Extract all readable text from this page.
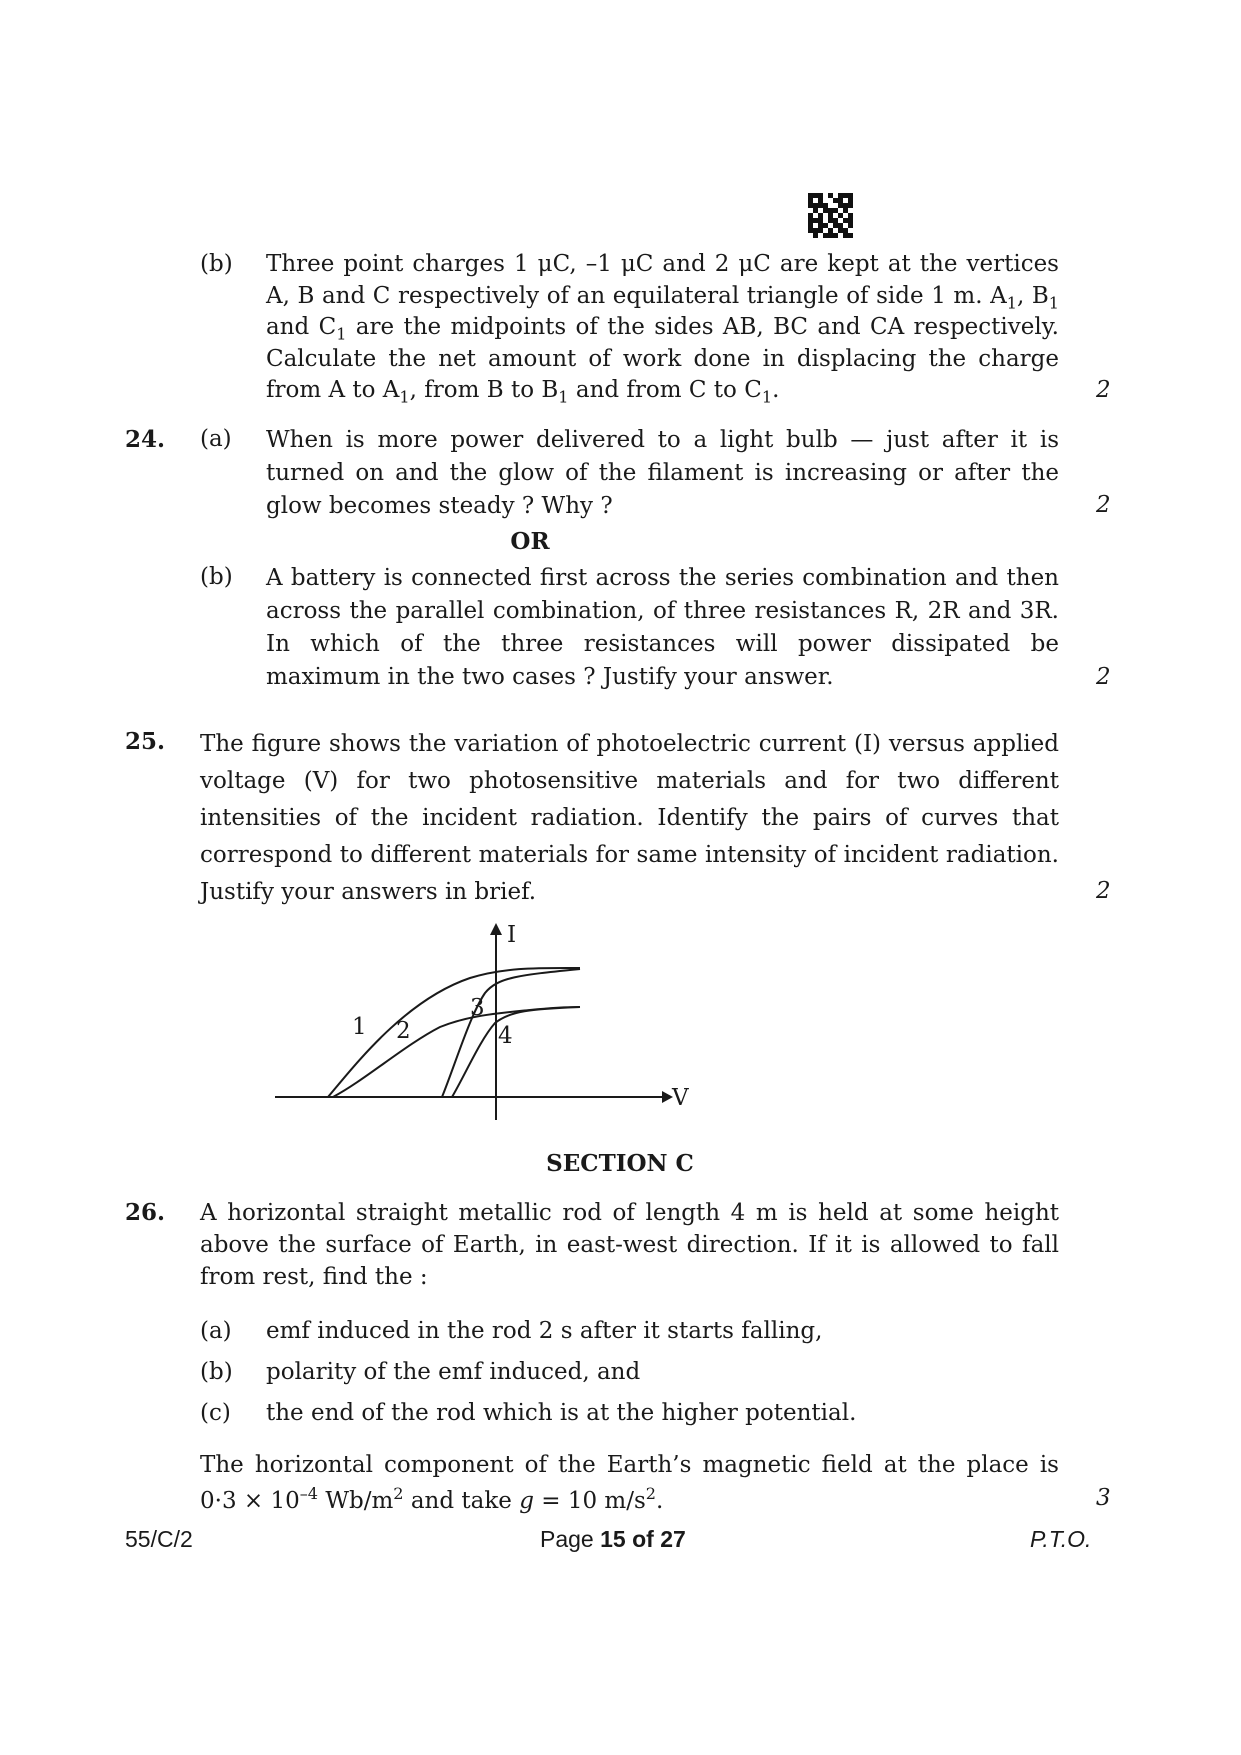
(b) Three point charges 1 μC, –1 μC and 2 μC are kept at the vertices A, B and C respectively of an equilateral triangle of side 1 m. $A_1$, $B_1$ and $C_1$ are the midpoints of the sides AB, BC and CA respectively. Calculate the net amount of work done in displacing the charge from A to $A_1$, from B to $B_1$ and from C to $C_1$.	2
24. (a) When is more power delivered to a light bulb — just after it is turned on and the glow of the filament is increasing or after the glow becomes steady ? Why ?	2
OR
(b) A battery is connected first across the series combination and then across the parallel combination, of three resistances R, 2R and 3R. In which of the three resistances will power dissipated be maximum in the two cases ? Justify your answer.	2
25. The figure shows the variation of photoelectric current (I) versus applied voltage (V) for two photosensitive materials and for two different intensities of the incident radiation. Identify the pairs of curves that correspond to different materials for same intensity of incident radiation. Justify your answers in brief.	2
I
V
1 2
3
4
SECTION C
26. A horizontal straight metallic rod of length 4 m is held at some height above the surface of Earth, in east-west direction. If it is allowed to fall from rest, find the :
(a) emf induced in the rod 2 s after it starts falling,
(b) polarity of the emf induced, and
(c) the end of the rod which is at the higher potential.
The horizontal component of the Earth’s magnetic field at the place is $0\cdot 3 \times 10^{-4}$ $Wb/m^2$ and take g = 10 $m/s^2$.	3
55/C/2	Page 15 of 27	P.T.O.
